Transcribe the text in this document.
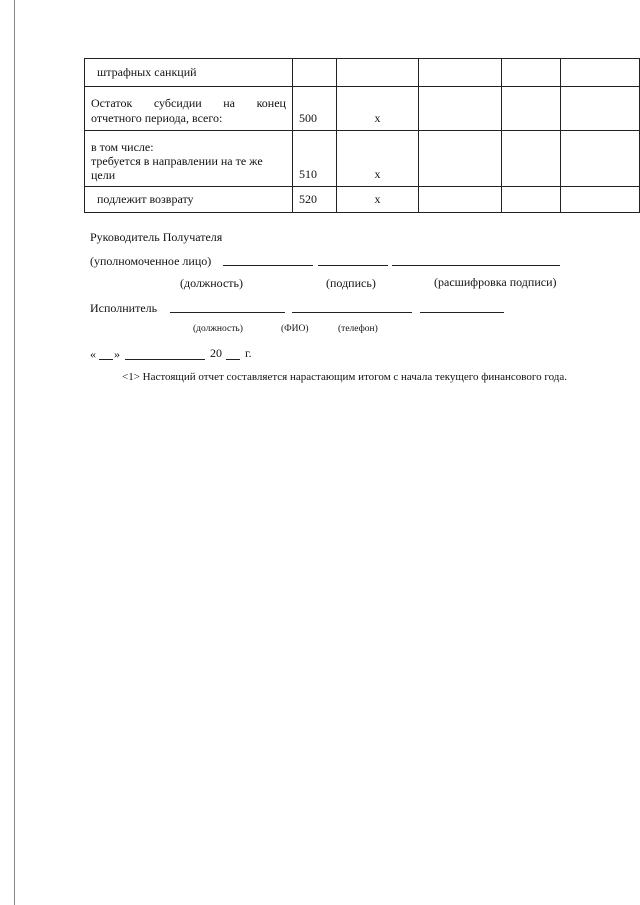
штрафных санкций					

Остаток субсидии на конец
отчетного периода, всего:	500	х			

в том числе:
требуется в направлении на те же
цели	510	х			
подлежит возврату	520	х			
Руководитель Получателя
(уполномоченное лицо)
(должность)	(подпись)	(расшифровка подписи)
Исполнитель
(должность)	(ФИО)	(телефон)
« »	20 г.
<1> Настоящий отчет составляется нарастающим итогом с начала текущего финансового года.
